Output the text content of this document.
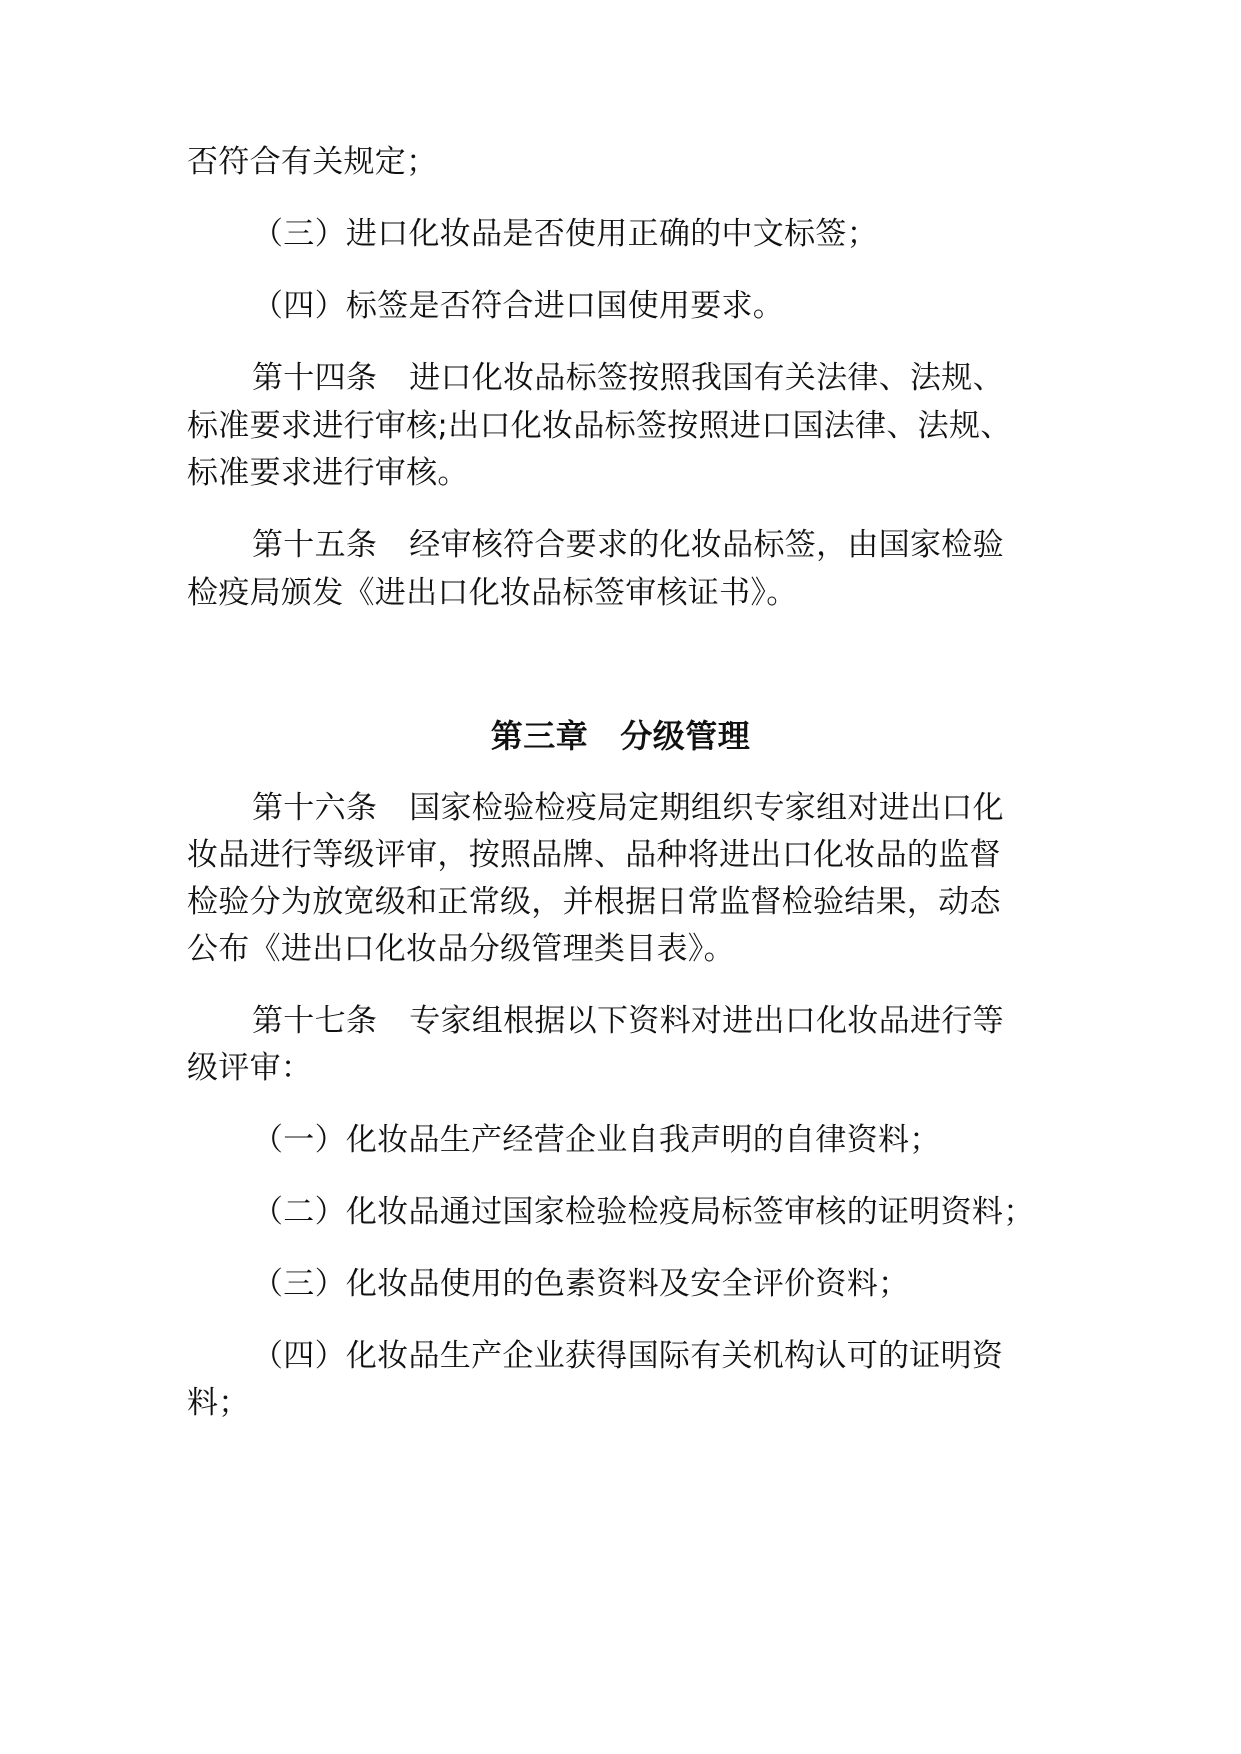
否符合有关规定；
（三）进口化妆品是否使用正确的中文标签；
（四）标签是否符合进口国使用要求。
第十四条 进口化妆品标签按照我国有关法律、法规、
标准要求进行审核;出口化妆品标签按照进口国法律、法规、
标准要求进行审核。
第十五条 经审核符合要求的化妆品标签，由国家检验
检疫局颁发《进出口化妆品标签审核证书》。
第三章 分级管理
第十六条 国家检验检疫局定期组织专家组对进出口化
妆品进行等级评审，按照品牌、品种将进出口化妆品的监督
检验分为放宽级和正常级，并根据日常监督检验结果，动态
公布《进出口化妆品分级管理类目表》。
第十七条 专家组根据以下资料对进出口化妆品进行等
级评审：
（一）化妆品生产经营企业自我声明的自律资料；
（二）化妆品通过国家检验检疫局标签审核的证明资料；
（三）化妆品使用的色素资料及安全评价资料；
（四）化妆品生产企业获得国际有关机构认可的证明资
料；
